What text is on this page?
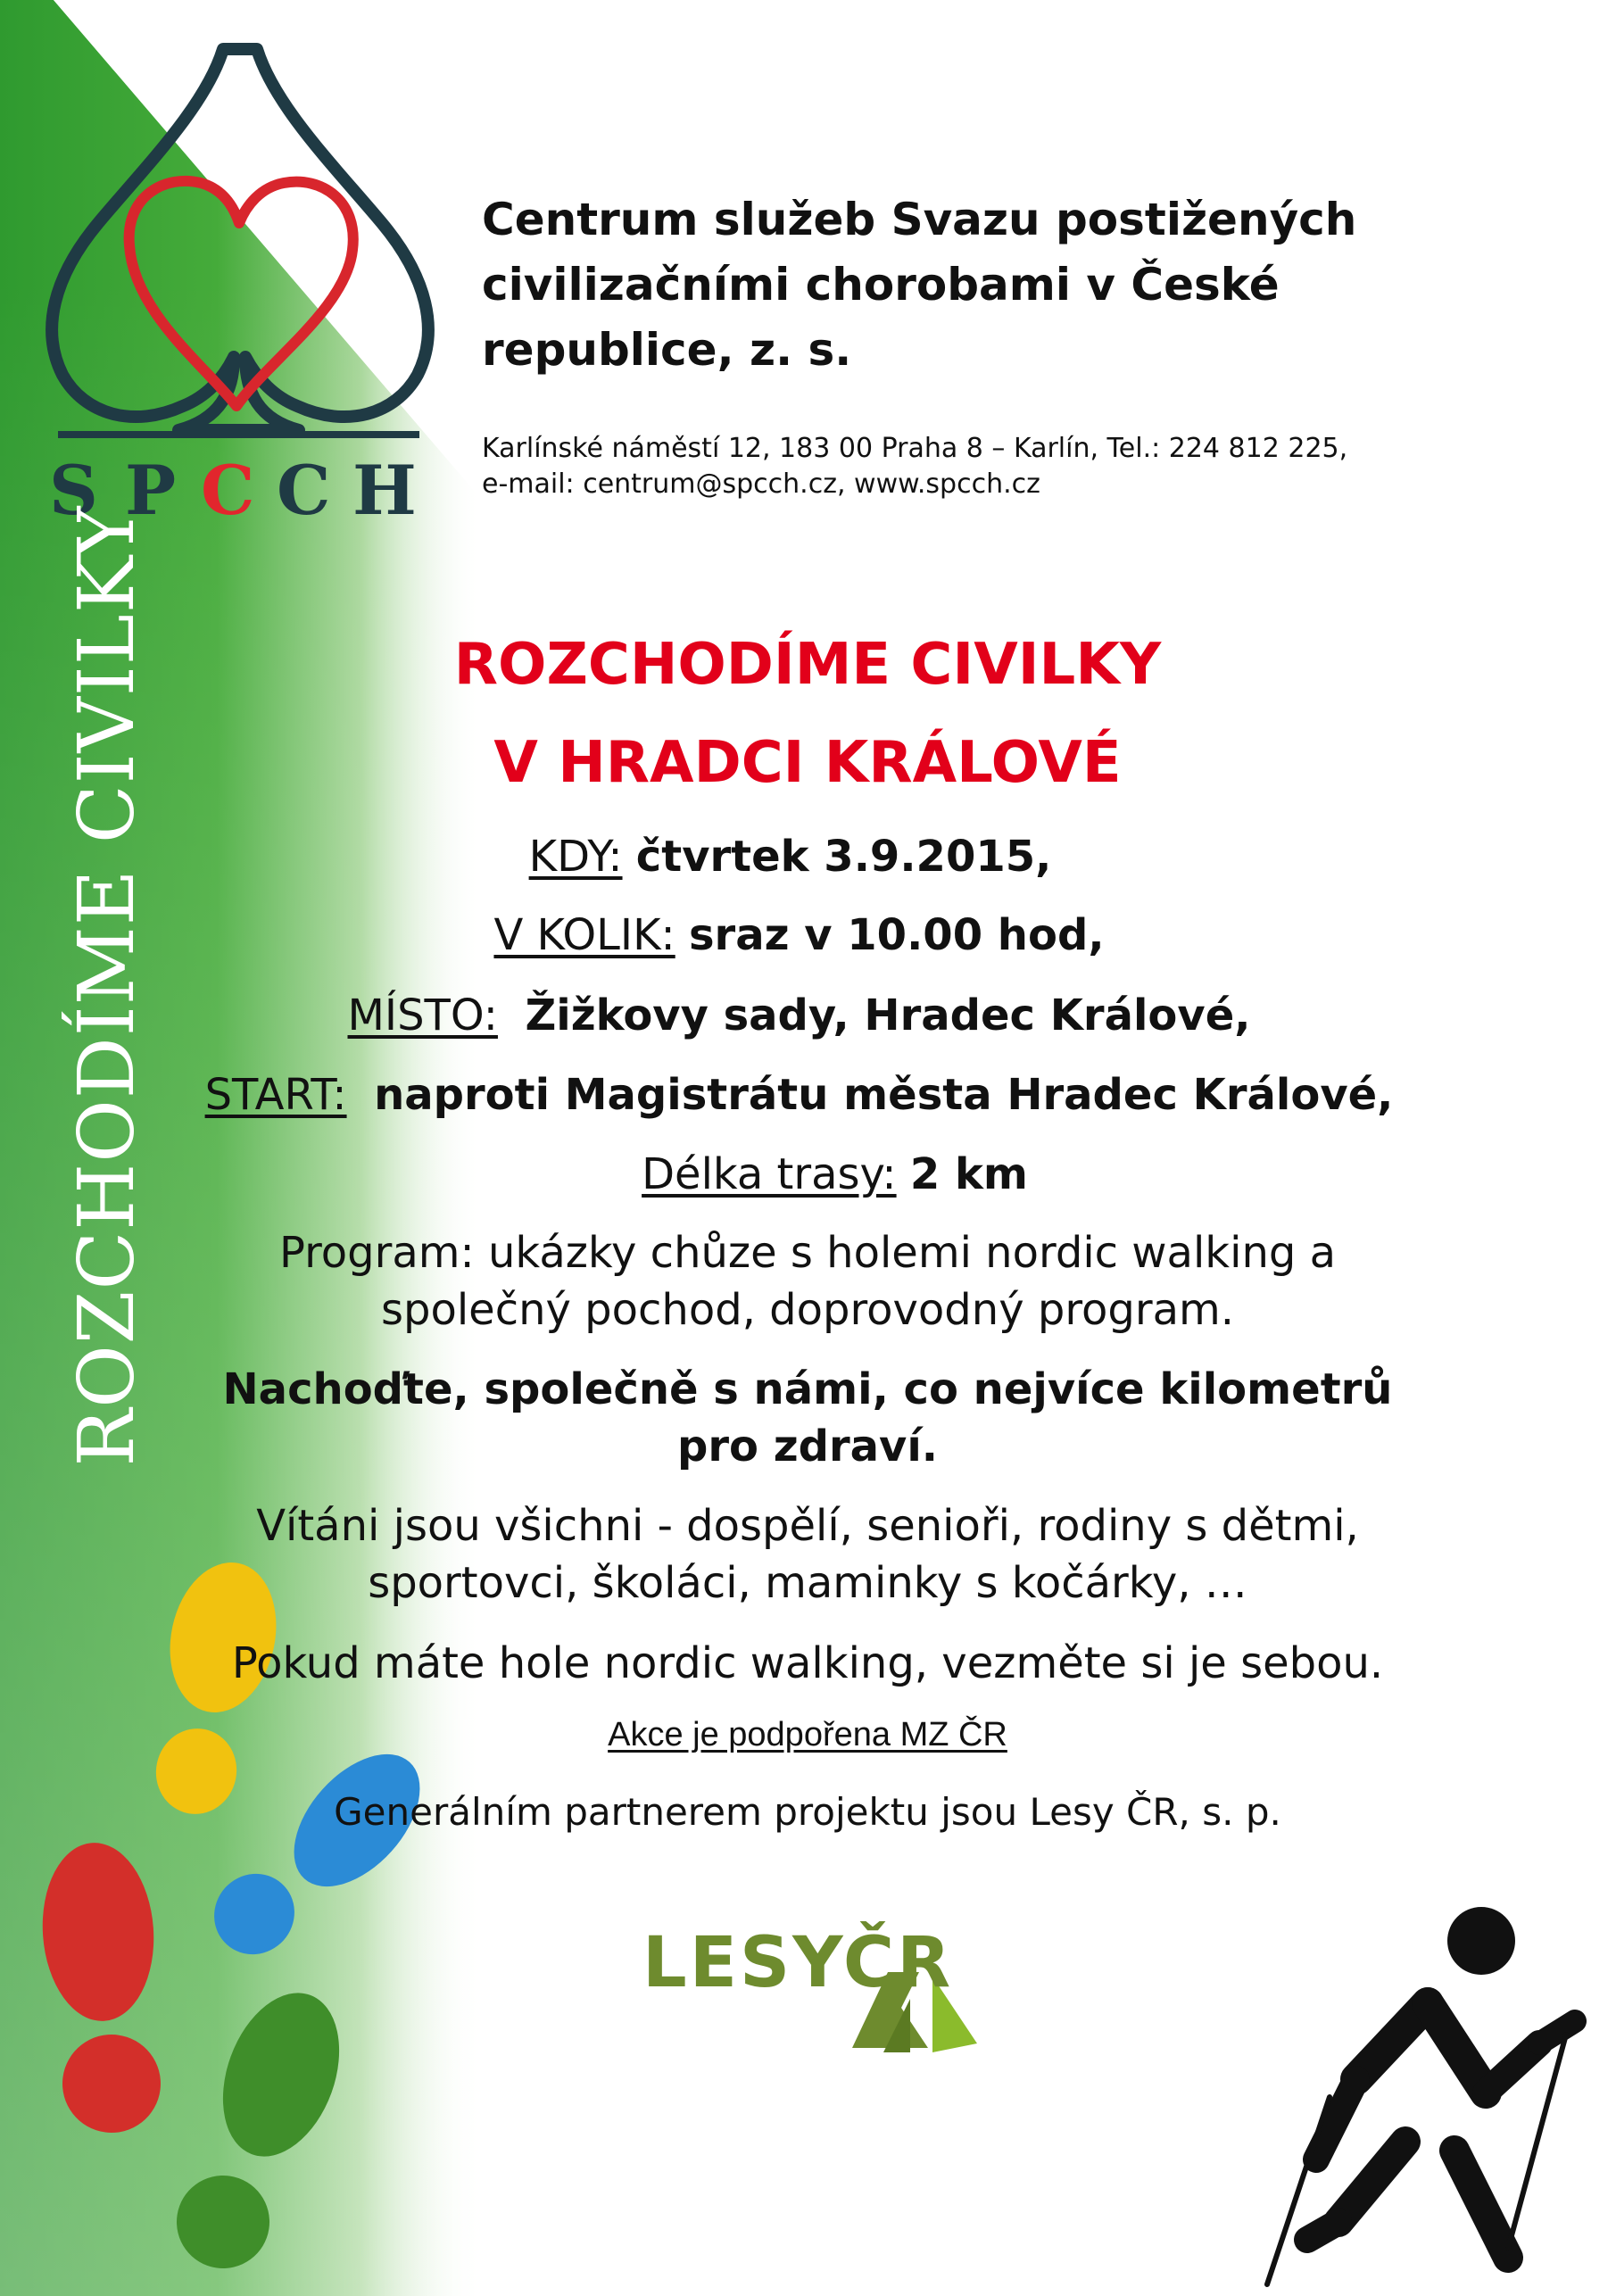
Centrum služeb Svazu postižených
civilizačními chorobami v České
republice, z. s.
Karlínské náměstí 12, 183 00 Praha 8 – Karlín, Tel.: 224 812 225,
e-mail: centrum@spcch.cz, www.spcch.cz
S P C C H
ROZCHODÍME CIVILKY	ROZCHODÍME CIVILKY
V HRADCI KRÁLOVÉ
KDY: čtvrtek 3.9.2015,
V KOLIK: sraz v 10.00 hod,
MÍSTO: Žižkovy sady, Hradec Králové,
START: naproti Magistrátu města Hradec Králové,
Délka trasy: 2 km
Program: ukázky chůze s holemi nordic walking a
společný pochod, doprovodný program.
Nachoďte, společně s námi, co nejvíce kilometrů
pro zdraví.
Vítáni jsou všichni - dospělí, senioři, rodiny s dětmi,
sportovci, školáci, maminky s kočárky, …
Pokud máte hole nordic walking, vezměte si je sebou.
Akce je podpořena MZ ČR
Generálním partnerem projektu jsou Lesy ČR, s. p.
LESYČR
